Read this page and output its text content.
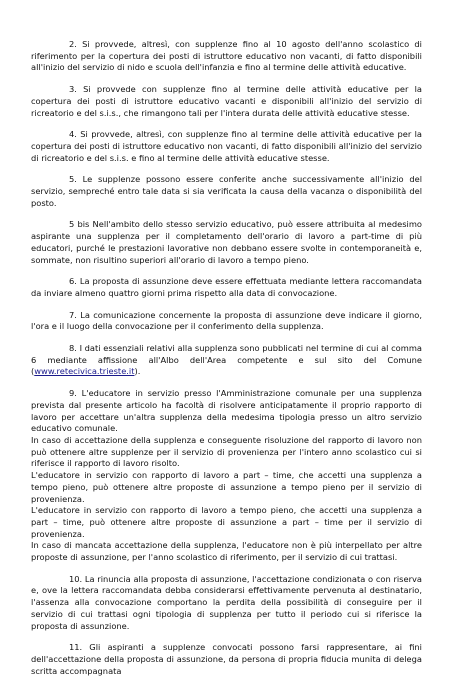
2. Si provvede, altresì, con supplenze fino al 10 agosto dell'anno scolastico di riferimento per la copertura dei posti di istruttore educativo non vacanti, di fatto disponibili all'inizio del servizio di nido e scuola dell'infanzia e fino al termine delle attività educative.

3. Si provvede con supplenze fino al termine delle attività educative per la copertura dei posti di istruttore educativo vacanti e disponibili all'inizio del servizio di ricreatorio e del s.i.s., che rimangono tali per l'intera durata delle attività educative stesse.

4. Si provvede, altresì, con supplenze fino al termine delle attività educative per la copertura dei posti di istruttore educativo non vacanti, di fatto disponibili all'inizio del servizio di ricreatorio e del s.i.s. e fino al termine delle attività educative stesse.

5. Le supplenze possono essere conferite anche successivamente all'inizio del servizio, sempreché entro tale data si sia verificata la causa della vacanza o disponibilità del posto.

5 bis Nell'ambito dello stesso servizio educativo, può essere attribuita al medesimo aspirante una supplenza per il completamento dell'orario di lavoro a part-time di più educatori, purché le prestazioni lavorative non debbano essere svolte in contemporaneità e, sommate, non risultino superiori all'orario di lavoro a tempo pieno.

6. La proposta di assunzione deve essere effettuata mediante lettera raccomandata da inviare almeno quattro giorni prima rispetto alla data di convocazione.

7. La comunicazione concernente la proposta di assunzione deve indicare il giorno, l'ora e il luogo della convocazione per il conferimento della supplenza.

8. I dati essenziali relativi alla supplenza sono pubblicati nel termine di cui al comma 6 mediante affissione all'Albo dell'Area competente e sul sito del Comune (www.retecivica.trieste.it).

9. L'educatore in servizio presso l'Amministrazione comunale per una supplenza prevista dal presente articolo ha facoltà di risolvere anticipatamente il proprio rapporto di lavoro per accettare un'altra supplenza della medesima tipologia presso un altro servizio educativo comunale.

In caso di accettazione della supplenza e conseguente risoluzione del rapporto di lavoro non può ottenere altre supplenze per il servizio di provenienza per l'intero anno scolastico cui si riferisce il rapporto di lavoro risolto.

L'educatore in servizio con rapporto di lavoro a part – time, che accetti una supplenza a tempo pieno, può ottenere altre proposte di assunzione a tempo pieno per il servizio di provenienza.

L'educatore in servizio con rapporto di lavoro a tempo pieno, che accetti una supplenza a part – time, può ottenere altre proposte di assunzione a part – time per il servizio di provenienza.

In caso di mancata accettazione della supplenza, l'educatore non è più interpellato per altre proposte di assunzione, per l'anno scolastico di riferimento, per il servizio di cui trattasi.

10. La rinuncia alla proposta di assunzione, l'accettazione condizionata o con riserva e, ove la lettera raccomandata debba considerarsi effettivamente pervenuta al destinatario, l'assenza alla convocazione comportano la perdita della possibilità di conseguire per il servizio di cui trattasi ogni tipologia di supplenza per tutto il periodo cui si riferisce la proposta di assunzione.

11. Gli aspiranti a supplenze convocati possono farsi rappresentare, ai fini dell'accettazione della proposta di assunzione, da persona di propria fiducia munita di delega scritta accompagnata
